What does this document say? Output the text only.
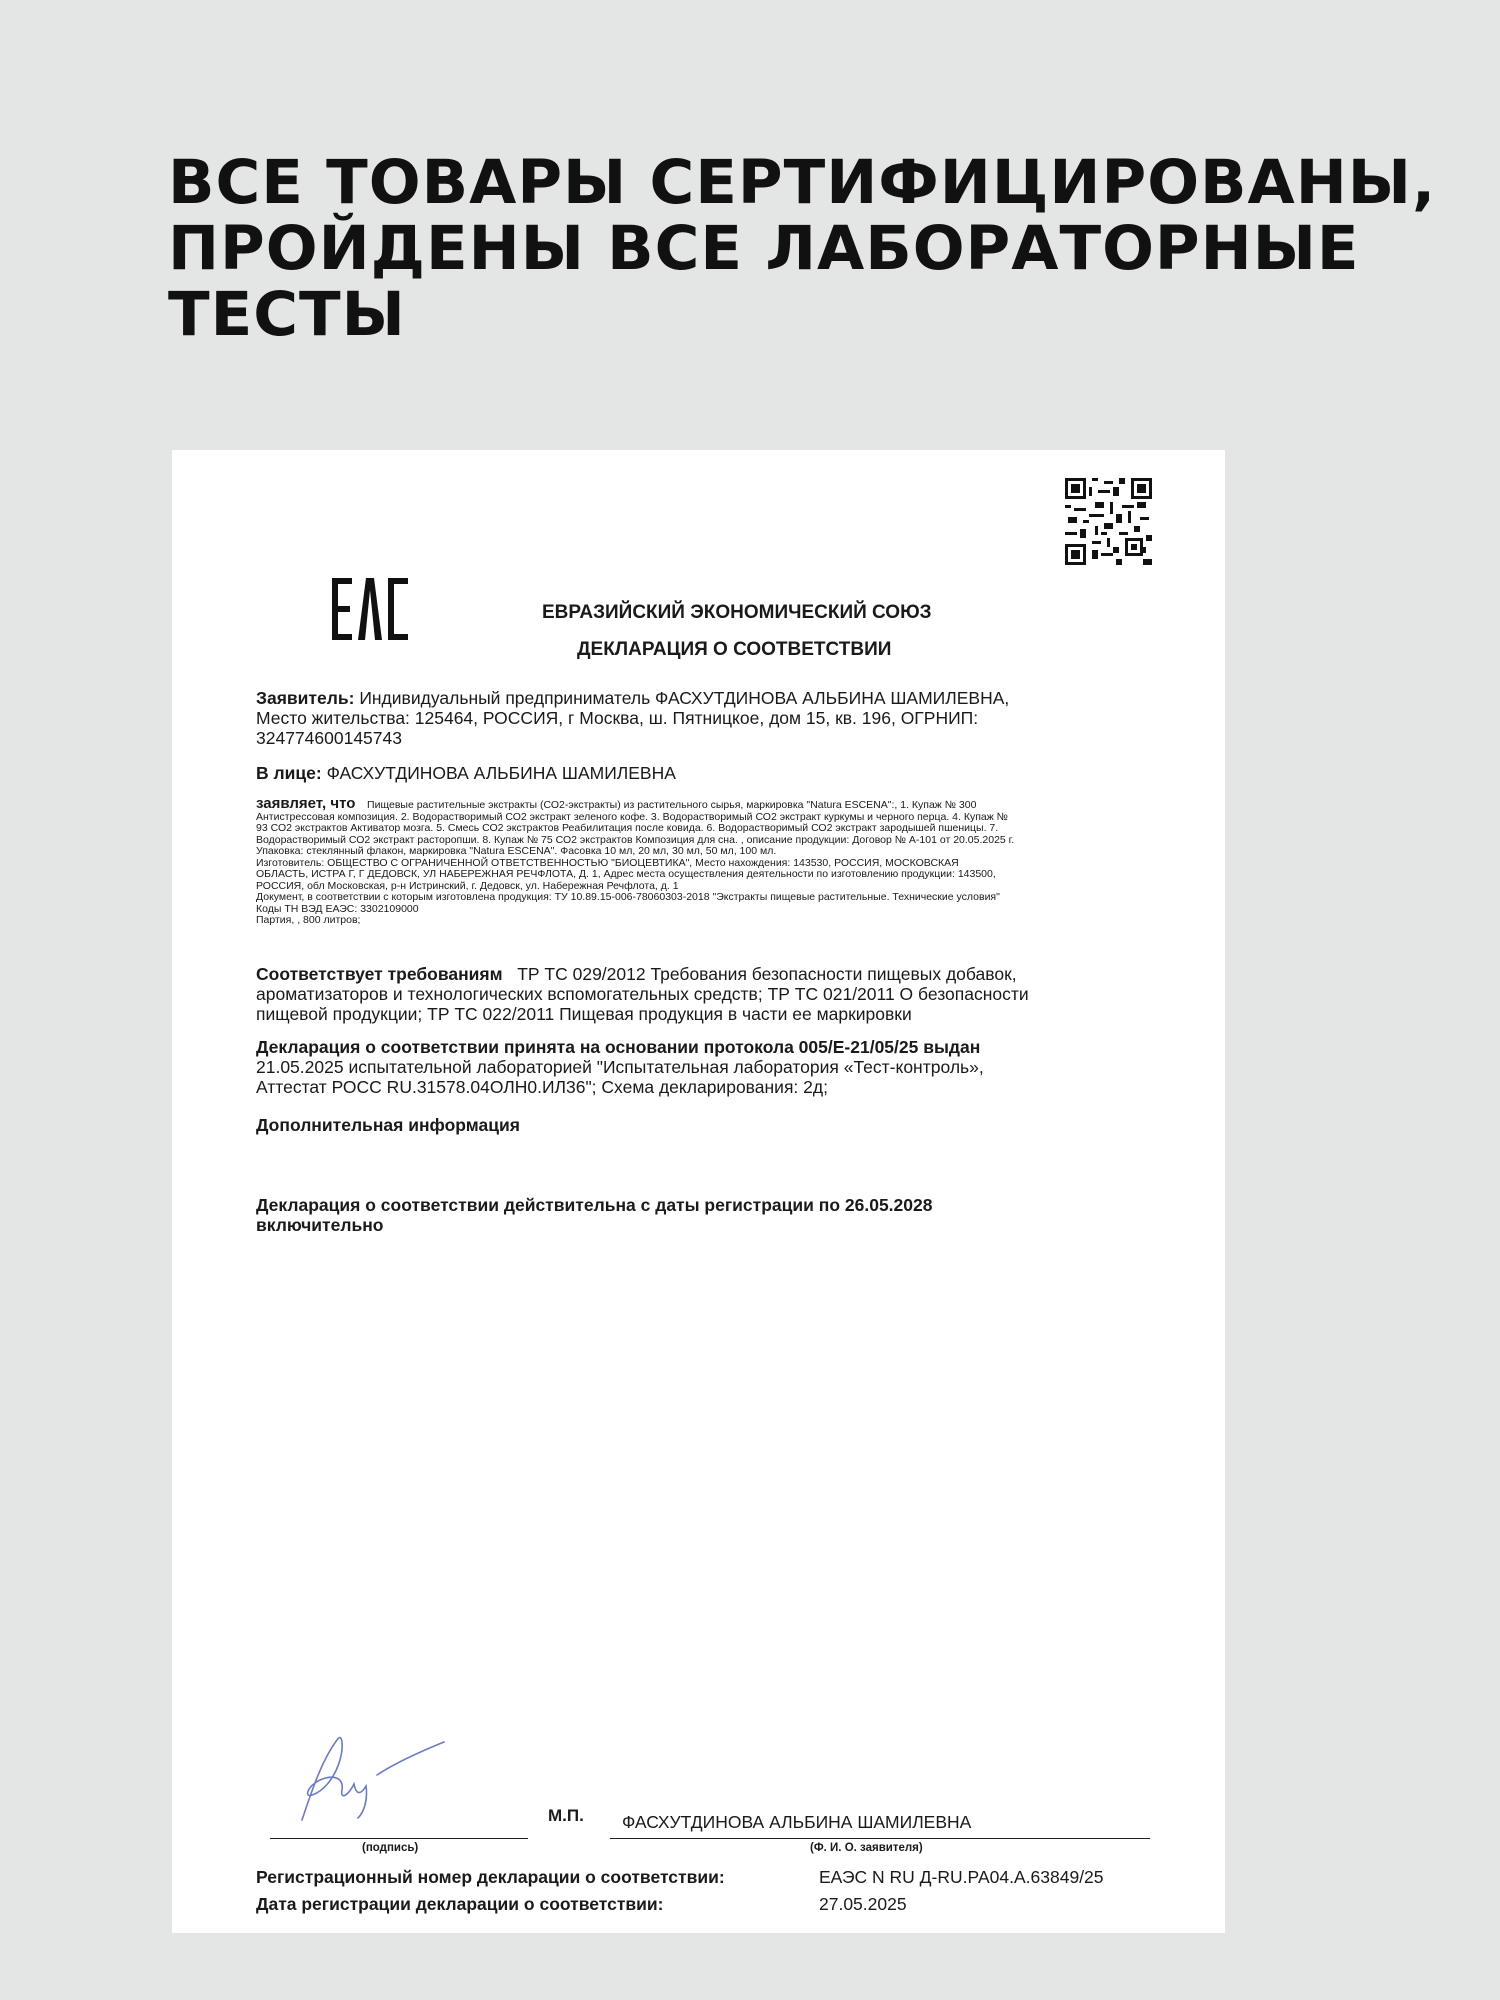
ВСЕ ТОВАРЫ СЕРТИФИЦИРОВАНЫ,
ПРОЙДЕНЫ ВСЕ ЛАБОРАТОРНЫЕ
ТЕСТЫ
ЕВРАЗИЙСКИЙ ЭКОНОМИЧЕСКИЙ СОЮЗ
ДЕКЛАРАЦИЯ О СООТВЕТСТВИИ
Заявитель: Индивидуальный предприниматель ФАСХУТДИНОВА АЛЬБИНА ШАМИЛЕВНА,
Место жительства: 125464, РОССИЯ, г Москва, ш. Пятницкое, дом 15, кв. 196, ОГРНИП:
324774600145743
В лице: ФАСХУТДИНОВА АЛЬБИНА ШАМИЛЕВНА
заявляет, что Пищевые растительные экстракты (СО2-экстракты) из растительного сырья, маркировка "Natura ESCENA":, 1. Купаж № 300
Антистрессовая композиция. 2. Водорастворимый СО2 экстракт зеленого кофе. 3. Водорастворимый СО2 экстракт куркумы и черного перца. 4. Купаж №
93 СО2 экстрактов Активатор мозга. 5. Смесь СО2 экстрактов Реабилитация после ковида. 6. Водорастворимый СО2 экстракт зародышей пшеницы. 7.
Водорастворимый СО2 экстракт расторопши. 8. Купаж № 75 СО2 экстрактов Композиция для сна. , описание продукции: Договор № А-101 от 20.05.2025 г.
Упаковка: стеклянный флакон, маркировка "Natura ESCENA". Фасовка 10 мл, 20 мл, 30 мл, 50 мл, 100 мл.
Изготовитель: ОБЩЕСТВО С ОГРАНИЧЕННОЙ ОТВЕТСТВЕННОСТЬЮ "БИОЦЕВТИКА", Место нахождения: 143530, РОССИЯ, МОСКОВСКАЯ
ОБЛАСТЬ, ИСТРА Г, Г ДЕДОВСК, УЛ НАБЕРЕЖНАЯ РЕЧФЛОТА, Д. 1, Адрес места осуществления деятельности по изготовлению продукции: 143500,
РОССИЯ, обл Московская, р-н Истринский, г. Дедовск, ул. Набережная Речфлота, д. 1
Документ, в соответствии с которым изготовлена продукция: ТУ 10.89.15-006-78060303-2018 "Экстракты пищевые растительные. Технические условия"
Коды ТН ВЭД ЕАЭС: 3302109000
Партия, , 800 литров;
Соответствует требованиям ТР ТС 029/2012 Требования безопасности пищевых добавок,
ароматизаторов и технологических вспомогательных средств; ТР ТС 021/2011 О безопасности
пищевой продукции; ТР ТС 022/2011 Пищевая продукция в части ее маркировки
Декларация о соответствии принята на основании протокола 005/Е-21/05/25 выдан
21.05.2025 испытательной лабораторией "Испытательная лаборатория «Тест-контроль»,
Аттестат РОСС RU.31578.04ОЛН0.ИЛ36"; Схема декларирования: 2д;
Дополнительная информация
Декларация о соответствии действительна с даты регистрации по 26.05.2028
включительно
М.П. ФАСХУТДИНОВА АЛЬБИНА ШАМИЛЕВНА
(подпись)	(Ф. И. О. заявителя)
Регистрационный номер декларации о соответствии:	ЕАЭС N RU Д-RU.РА04.А.63849/25
Дата регистрации декларации о соответствии:	27.05.2025
